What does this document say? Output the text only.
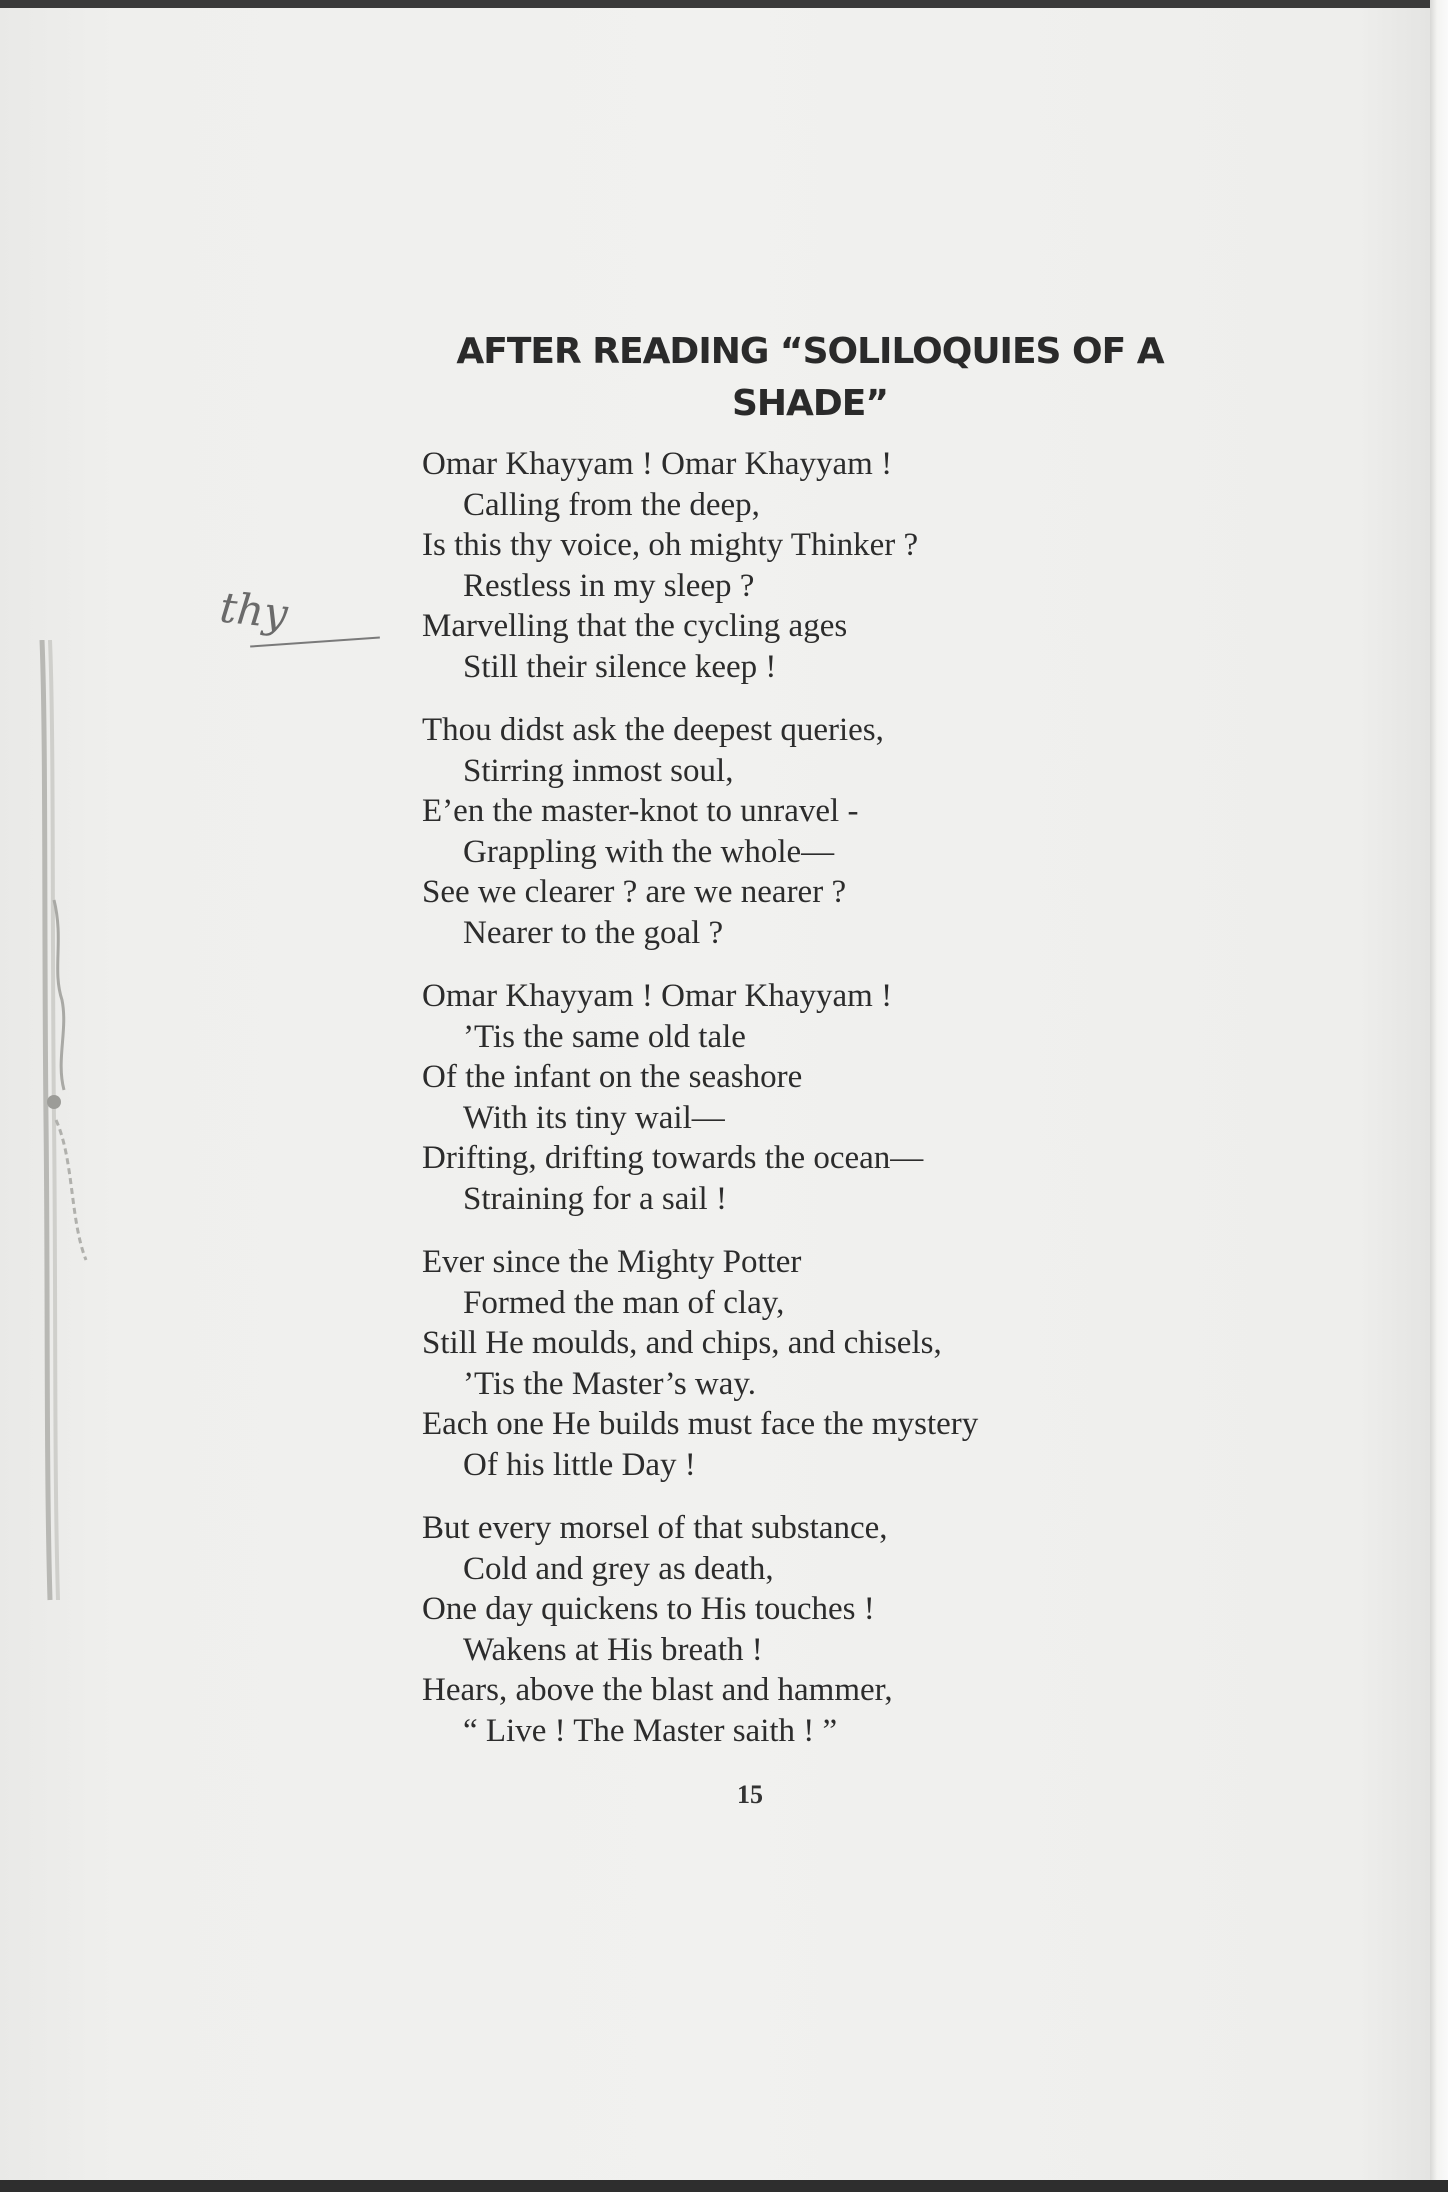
thy
AFTER READING “SOLILOQUIES OF A
SHADE”
Omar Khayyam ! Omar Khayyam !
Calling from the deep,
Is this thy voice, oh mighty Thinker ?
Restless in my sleep ?
Marvelling that the cycling ages
Still their silence keep !
Thou didst ask the deepest queries,
Stirring inmost soul,
E’en the master-knot to unravel -
Grappling with the whole—
See we clearer ? are we nearer ?
Nearer to the goal ?
Omar Khayyam ! Omar Khayyam !
’Tis the same old tale
Of the infant on the seashore
With its tiny wail—
Drifting, drifting towards the ocean—
Straining for a sail !
Ever since the Mighty Potter
Formed the man of clay,
Still He moulds, and chips, and chisels,
’Tis the Master’s way.
Each one He builds must face the mystery
Of his little Day !
But every morsel of that substance,
Cold and grey as death,
One day quickens to His touches !
Wakens at His breath !
Hears, above the blast and hammer,
“ Live ! The Master saith ! ”
15
